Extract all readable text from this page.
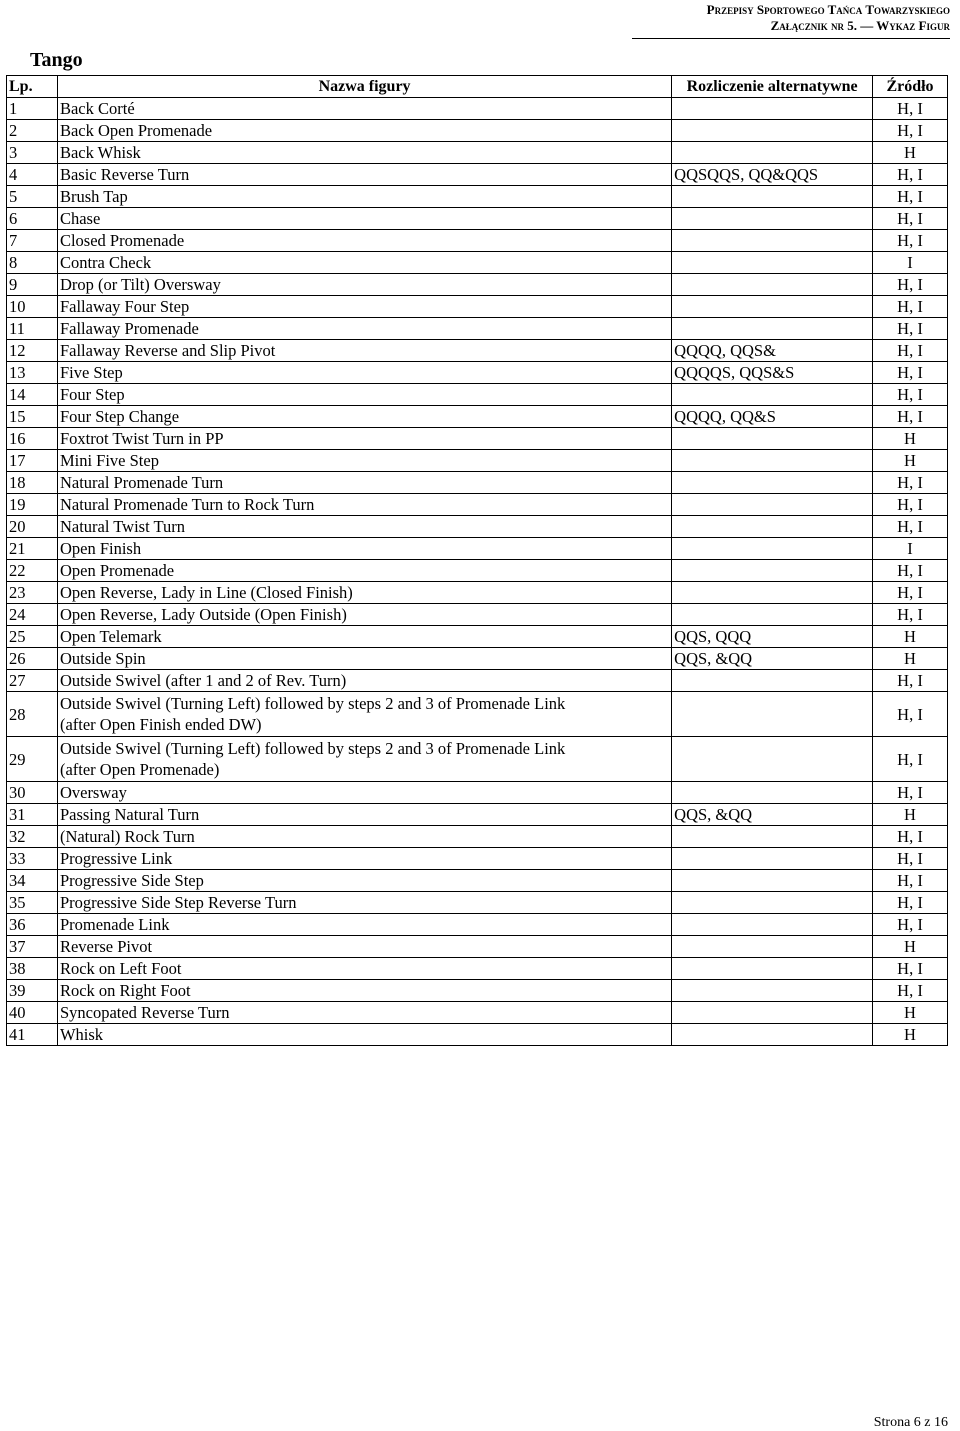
Przepisy Sportowego Tańca Towarzyskiego
Załącznik nr 5. — Wykaz Figur
Tango
Lp.	Nazwa figury	Rozliczenie alternatywne	Źródło
1	Back Corté		H, I
2	Back Open Promenade		H, I
3	Back Whisk		H
4	Basic Reverse Turn	QQSQQS, QQ&QQS	H, I
5	Brush Tap		H, I
6	Chase		H, I
7	Closed Promenade		H, I
8	Contra Check		I
9	Drop (or Tilt) Oversway		H, I
10	Fallaway Four Step		H, I
11	Fallaway Promenade		H, I
12	Fallaway Reverse and Slip Pivot	QQQQ, QQS&	H, I
13	Five Step	QQQQS, QQS&S	H, I
14	Four Step		H, I
15	Four Step Change	QQQQ, QQ&S	H, I
16	Foxtrot Twist Turn in PP		H
17	Mini Five Step		H
18	Natural Promenade Turn		H, I
19	Natural Promenade Turn to Rock Turn		H, I
20	Natural Twist Turn		H, I
21	Open Finish		I
22	Open Promenade		H, I
23	Open Reverse, Lady in Line (Closed Finish)		H, I
24	Open Reverse, Lady Outside (Open Finish)		H, I
25	Open Telemark	QQS, QQQ	H
26	Outside Spin	QQS, &QQ	H
27	Outside Swivel (after 1 and 2 of Rev. Turn)		H, I
28	Outside Swivel (Turning Left) followed by steps 2 and 3 of Promenade Link
(after Open Finish ended DW)		H, I
29	Outside Swivel (Turning Left) followed by steps 2 and 3 of Promenade Link
(after Open Promenade)		H, I
30	Oversway		H, I
31	Passing Natural Turn	QQS, &QQ	H
32	(Natural) Rock Turn		H, I
33	Progressive Link		H, I
34	Progressive Side Step		H, I
35	Progressive Side Step Reverse Turn		H, I
36	Promenade Link		H, I
37	Reverse Pivot		H
38	Rock on Left Foot		H, I
39	Rock on Right Foot		H, I
40	Syncopated Reverse Turn		H
41	Whisk		H
Strona 6 z 16
